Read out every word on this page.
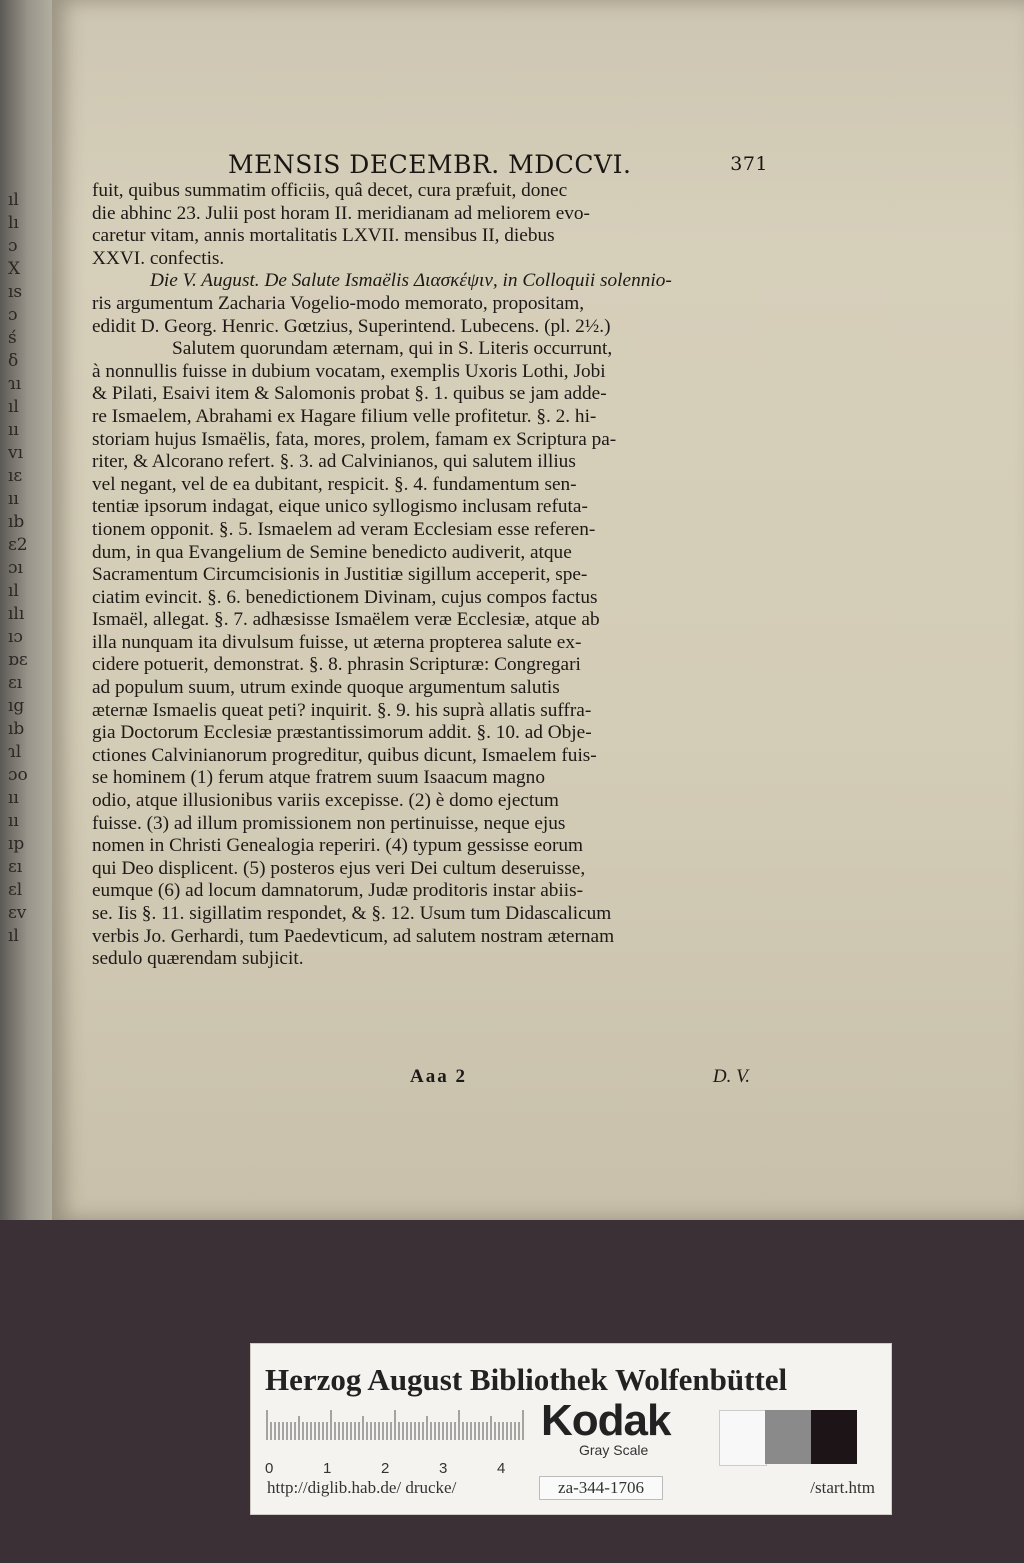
ıl
lı
ɔ
X
ıs
ɔ
ś
ẟ
ɿı
ıl
ıı
vı
ıɛ
ıı
ıb
ɛ2
ɔı
ıl
ılı
ıɔ
ɒɛ
ɛı
ıg
ıb
ɿl
ɔo
ıı
ıı
ıp
ɛı
ɛl
ɛv
ıl
MENSIS DECEMBR. MDCCVI.	371
fuit, quibus summatim officiis, quâ decet, cura præfuit, donec
die abhinc 23. Julii post horam II. meridianam ad meliorem evo-
caretur vitam, annis mortalitatis LXVII. mensibus II, diebus
XXVI. confectis.
Die V. August. De Salute Ismaëlis Διασκέψιν, in Colloquii solennio-
ris argumentum Zacharia Vogelio-modo memorato, propositam,
edidit D. Georg. Henric. Gœtzius, Superintend. Lubecens. (pl. 2½.)
Salutem quorundam æternam, qui in S. Literis occurrunt,
à nonnullis fuisse in dubium vocatam, exemplis Uxoris Lothi, Jobi
& Pilati, Esaivi item & Salomonis probat §. 1. quibus se jam adde-
re Ismaelem, Abrahami ex Hagare filium velle profitetur. §. 2. hi-
storiam hujus Ismaëlis, fata, mores, prolem, famam ex Scriptura pa-
riter, & Alcorano refert. §. 3. ad Calvinianos, qui salutem illius
vel negant, vel de ea dubitant, respicit. §. 4. fundamentum sen-
tentiæ ipsorum indagat, eique unico syllogismo inclusam refuta-
tionem opponit. §. 5. Ismaelem ad veram Ecclesiam esse referen-
dum, in qua Evangelium de Semine benedicto audiverit, atque
Sacramentum Circumcisionis in Justitiæ sigillum acceperit, spe-
ciatim evincit. §. 6. benedictionem Divinam, cujus compos factus
Ismaël, allegat. §. 7. adhæsisse Ismaëlem veræ Ecclesiæ, atque ab
illa nunquam ita divulsum fuisse, ut æterna propterea salute ex-
cidere potuerit, demonstrat. §. 8. phrasin Scripturæ: Congregari
ad populum suum, utrum exinde quoque argumentum salutis
æternæ Ismaelis queat peti? inquirit. §. 9. his suprà allatis suffra-
gia Doctorum Ecclesiæ præstantissimorum addit. §. 10. ad Obje-
ctiones Calvinianorum progreditur, quibus dicunt, Ismaelem fuis-
se hominem (1) ferum atque fratrem suum Isaacum magno
odio, atque illusionibus variis excepisse. (2) è domo ejectum
fuisse. (3) ad illum promissionem non pertinuisse, neque ejus
nomen in Christi Genealogia reperiri. (4) typum gessisse eorum
qui Deo displicent. (5) posteros ejus veri Dei cultum deseruisse,
eumque (6) ad locum damnatorum, Judæ proditoris instar abiis-
se. Iis §. 11. sigillatim respondet, & §. 12. Usum tum Didascalicum
verbis Jo. Gerhardi, tum Paedevticum, ad salutem nostram æternam
sedulo quærendam subjicit.
Aaa 2	D. V.
Herzog August Bibliothek Wolfenbüttel
0	1	2	3	4
Kodak
Gray Scale
http://diglib.hab.de/ drucke/	za-344-1706	/start.htm
